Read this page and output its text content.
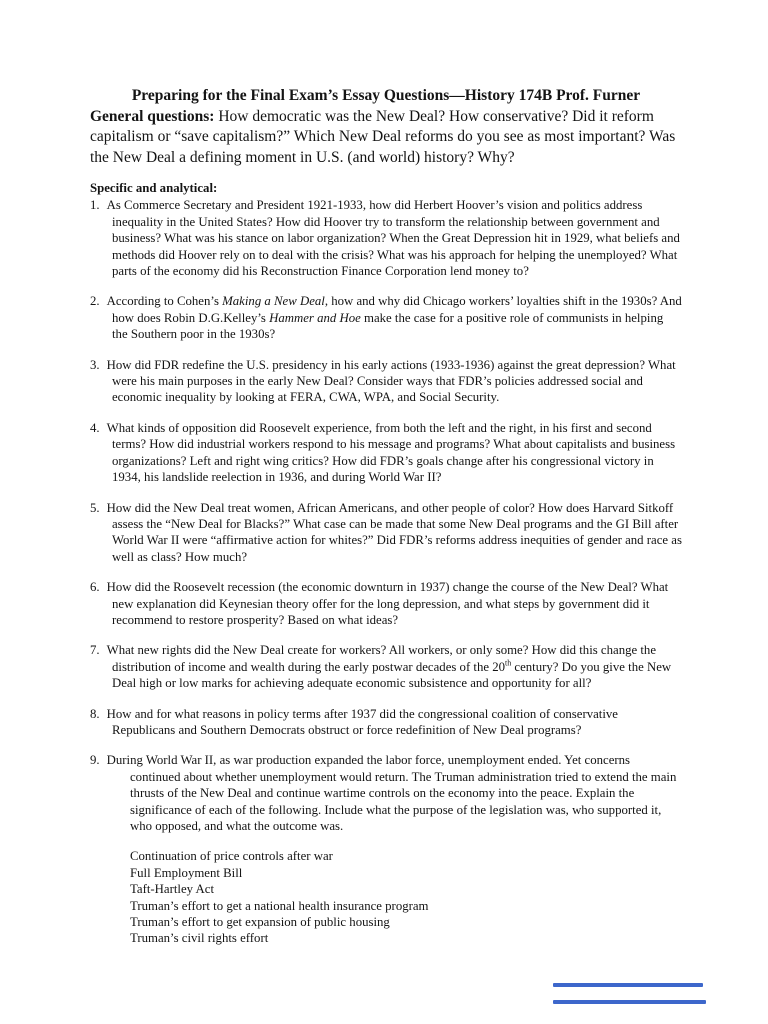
Preparing for the Final Exam’s Essay Questions—History 174B Prof. Furner

General questions: How democratic was the New Deal? How conservative? Did it reform capitalism or “save capitalism?” Which New Deal reforms do you see as most important? Was the New Deal a defining moment in U.S. (and world) history? Why?

Specific and analytical:
1. As Commerce Secretary and President 1921-1933, how did Herbert Hoover’s vision and politics address inequality in the United States? How did Hoover try to transform the relationship between government and business? What was his stance on labor organization? When the Great Depression hit in 1929, what beliefs and methods did Hoover rely on to deal with the crisis? What was his approach for helping the unemployed? What parts of the economy did his Reconstruction Finance Corporation lend money to?
2. According to Cohen’s Making a New Deal, how and why did Chicago workers’ loyalties shift in the 1930s? And how does Robin D.G.Kelley’s Hammer and Hoe make the case for a positive role of communists in helping the Southern poor in the 1930s?
3. How did FDR redefine the U.S. presidency in his early actions (1933-1936) against the great depression? What were his main purposes in the early New Deal? Consider ways that FDR’s policies addressed social and economic inequality by looking at FERA, CWA, WPA, and Social Security.
4. What kinds of opposition did Roosevelt experience, from both the left and the right, in his first and second terms? How did industrial workers respond to his message and programs? What about capitalists and business organizations? Left and right wing critics? How did FDR’s goals change after his congressional victory in 1934, his landslide reelection in 1936, and during World War II?
5. How did the New Deal treat women, African Americans, and other people of color? How does Harvard Sitkoff assess the “New Deal for Blacks?” What case can be made that some New Deal programs and the GI Bill after World War II were “affirmative action for whites?” Did FDR’s reforms address inequities of gender and race as well as class? How much?
6. How did the Roosevelt recession (the economic downturn in 1937) change the course of the New Deal? What new explanation did Keynesian theory offer for the long depression, and what steps by government did it recommend to restore prosperity? Based on what ideas?
7. What new rights did the New Deal create for workers? All workers, or only some? How did this change the distribution of income and wealth during the early postwar decades of the 20th century? Do you give the New Deal high or low marks for achieving adequate economic subsistence and opportunity for all?
8. How and for what reasons in policy terms after 1937 did the congressional coalition of conservative Republicans and Southern Democrats obstruct or force redefinition of New Deal programs?
9. During World War II, as war production expanded the labor force, unemployment ended. Yet concerns continued about whether unemployment would return. The Truman administration tried to extend the main thrusts of the New Deal and continue wartime controls on the economy into the peace. Explain the significance of each of the following. Include what the purpose of the legislation was, who supported it, who opposed, and what the outcome was.
Continuation of price controls after war
Full Employment Bill
Taft-Hartley Act
Truman’s effort to get a national health insurance program
Truman’s effort to get expansion of public housing
Truman’s civil rights effort
